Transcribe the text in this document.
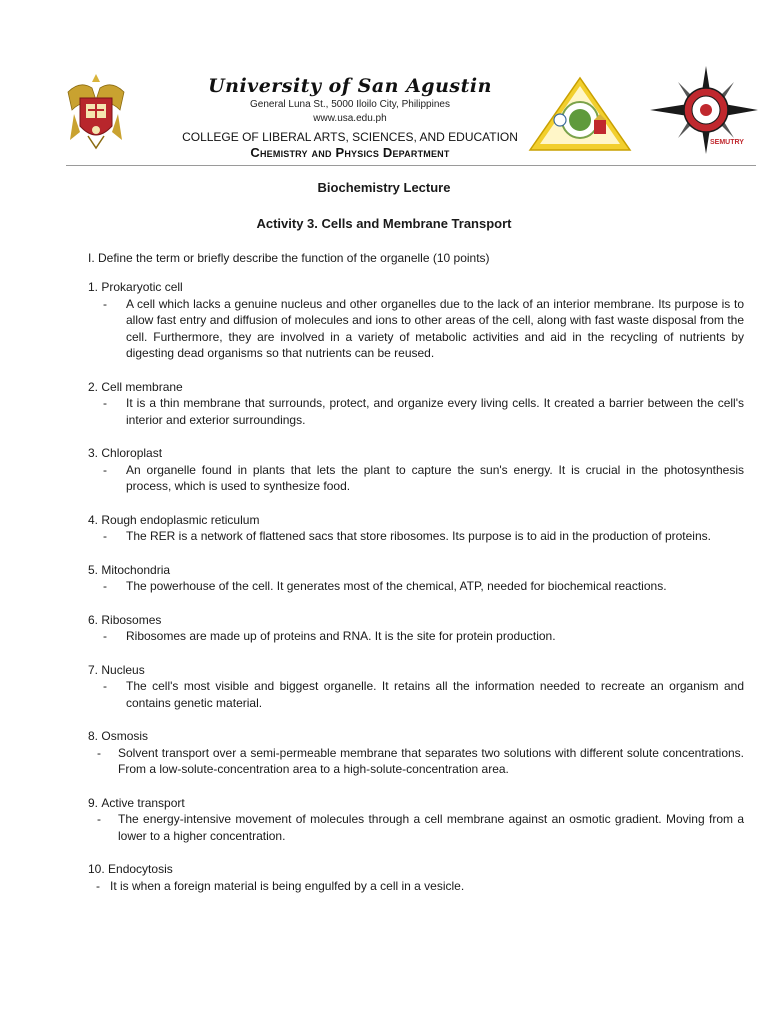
University of San Agustin
General Luna St., 5000 Iloilo City, Philippines
www.usa.edu.ph
COLLEGE OF LIBERAL ARTS, SCIENCES, AND EDUCATION
Chemistry and Physics Department
SEMUTRY
Biochemistry Lecture
Activity 3. Cells and Membrane Transport
I. Define the term or briefly describe the function of the organelle (10 points)
1.
Prokaryotic cell
-	A cell which lacks a genuine nucleus and other organelles due to the lack of an interior membrane. Its purpose is to allow fast entry and diffusion of molecules and ions to other areas of the cell, along with fast waste disposal from the cell. Furthermore, they are involved in a variety of metabolic activities and aid in the recycling of nutrients by digesting dead organisms so that nutrients can be reused.
2.
Cell membrane
-	It is a thin membrane that surrounds, protect, and organize every living cells. It created a barrier between the cell's interior and exterior surroundings.
3.
Chloroplast
-	An organelle found in plants that lets the plant to capture the sun's energy. It is crucial in the photosynthesis process, which is used to synthesize food.
4.
Rough endoplasmic reticulum
-	The RER is a network of flattened sacs that store ribosomes. Its purpose is to aid in the production of proteins.
5.
Mitochondria
-	The powerhouse of the cell. It generates most of the chemical, ATP, needed for biochemical reactions.
6.
Ribosomes
-	Ribosomes are made up of proteins and RNA. It is the site for protein production.
7.
Nucleus
-	The cell's most visible and biggest organelle. It retains all the information needed to recreate an organism and contains genetic material.
8.
Osmosis
-	Solvent transport over a semi-permeable membrane that separates two solutions with different solute concentrations. From a low-solute-concentration area to a high-solute-concentration area.
9.
Active transport
-	The energy-intensive movement of molecules through a cell membrane against an osmotic gradient. Moving from a lower to a higher concentration.
10.
Endocytosis
- It is when a foreign material is being engulfed by a cell in a vesicle.
